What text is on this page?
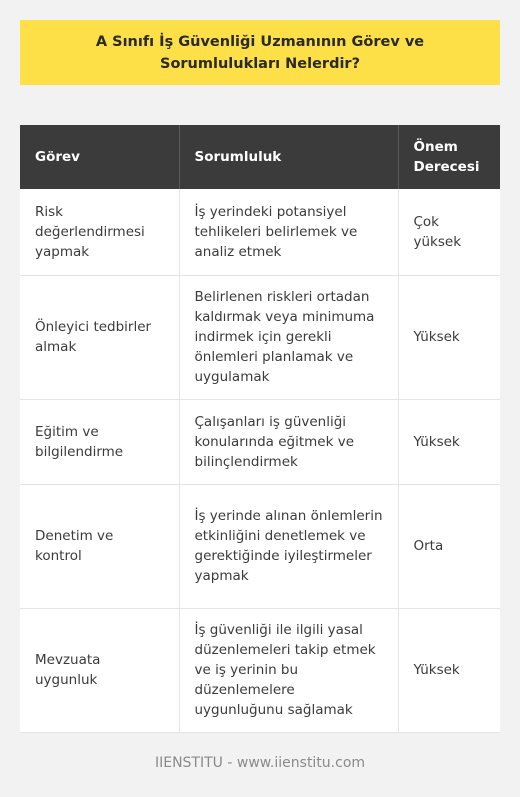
A Sınıfı İş Güvenliği Uzmanının Görev ve Sorumlulukları Nelerdir?
Görev	Sorumluluk	Önem Derecesi
Risk değerlendirmesi yapmak	İş yerindeki potansiyel tehlikeleri belirlemek ve analiz etmek	Çok yüksek
Önleyici tedbirler almak	Belirlenen riskleri ortadan kaldırmak veya minimuma indirmek için gerekli önlemleri planlamak ve uygulamak	Yüksek
Eğitim ve bilgilendirme	Çalışanları iş güvenliği konularında eğitmek ve bilinçlendirmek	Yüksek
Denetim ve kontrol	İş yerinde alınan önlemlerin etkinliğini denetlemek ve gerektiğinde iyileştirmeler yapmak	Orta
Mevzuata uygunluk	İş güvenliği ile ilgili yasal düzenlemeleri takip etmek ve iş yerinin bu düzenlemelere uygunluğunu sağlamak	Yüksek
IIENSTITU - www.iienstitu.com
